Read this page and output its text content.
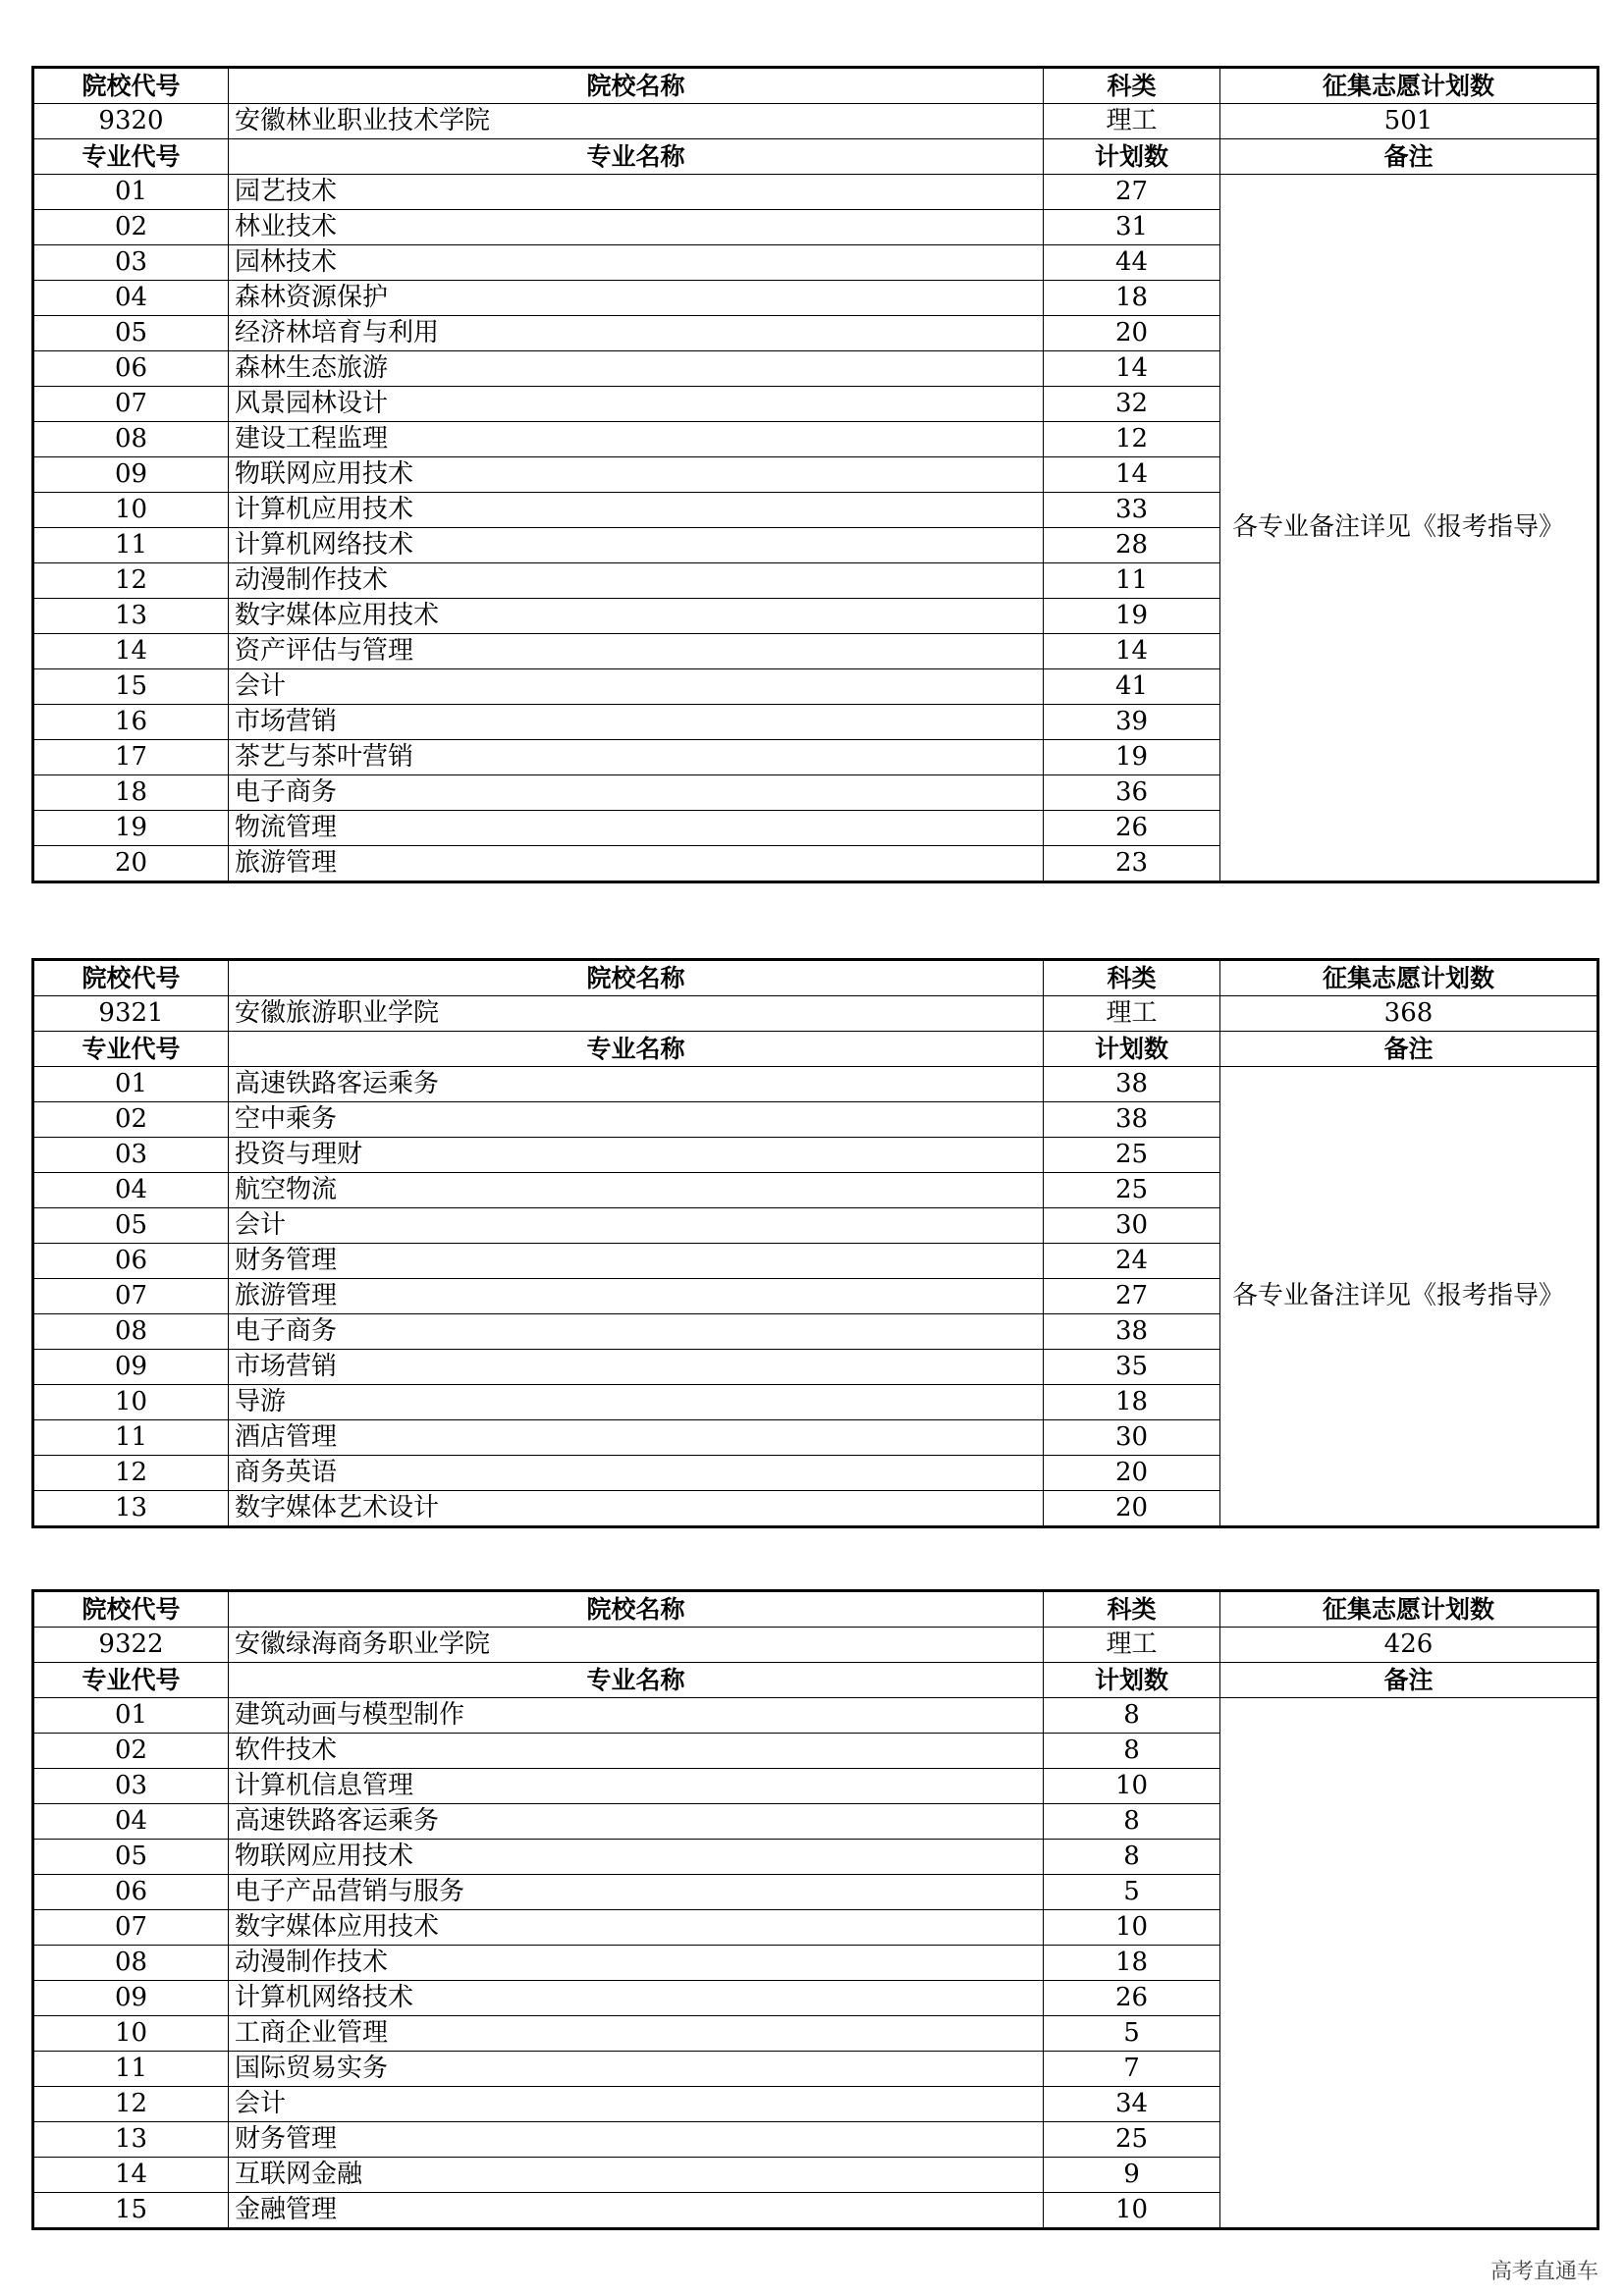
院校代号	院校名称	科类	征集志愿计划数
9320	安徽林业职业技术学院	理工	501
专业代号	专业名称	计划数	备注
01	园艺技术	27	各专业备注详见《报考指导》
02	林业技术	31	
03	园林技术	44	
04	森林资源保护	18	
05	经济林培育与利用	20	
06	森林生态旅游	14	
07	风景园林设计	32	
08	建设工程监理	12	
09	物联网应用技术	14	
10	计算机应用技术	33	
11	计算机网络技术	28	
12	动漫制作技术	11	
13	数字媒体应用技术	19	
14	资产评估与管理	14	
15	会计	41	
16	市场营销	39	
17	茶艺与茶叶营销	19	
18	电子商务	36	
19	物流管理	26	
20	旅游管理	23	
院校代号	院校名称	科类	征集志愿计划数
9321	安徽旅游职业学院	理工	368
专业代号	专业名称	计划数	备注
01	高速铁路客运乘务	38	各专业备注详见《报考指导》
02	空中乘务	38	
03	投资与理财	25	
04	航空物流	25	
05	会计	30	
06	财务管理	24	
07	旅游管理	27	
08	电子商务	38	
09	市场营销	35	
10	导游	18	
11	酒店管理	30	
12	商务英语	20	
13	数字媒体艺术设计	20	
院校代号	院校名称	科类	征集志愿计划数
9322	安徽绿海商务职业学院	理工	426
专业代号	专业名称	计划数	备注
01	建筑动画与模型制作	8	
02	软件技术	8	
03	计算机信息管理	10	
04	高速铁路客运乘务	8	
05	物联网应用技术	8	
06	电子产品营销与服务	5	
07	数字媒体应用技术	10	
08	动漫制作技术	18	
09	计算机网络技术	26	
10	工商企业管理	5	
11	国际贸易实务	7	
12	会计	34	
13	财务管理	25	
14	互联网金融	9	
15	金融管理	10	
高考直通车
